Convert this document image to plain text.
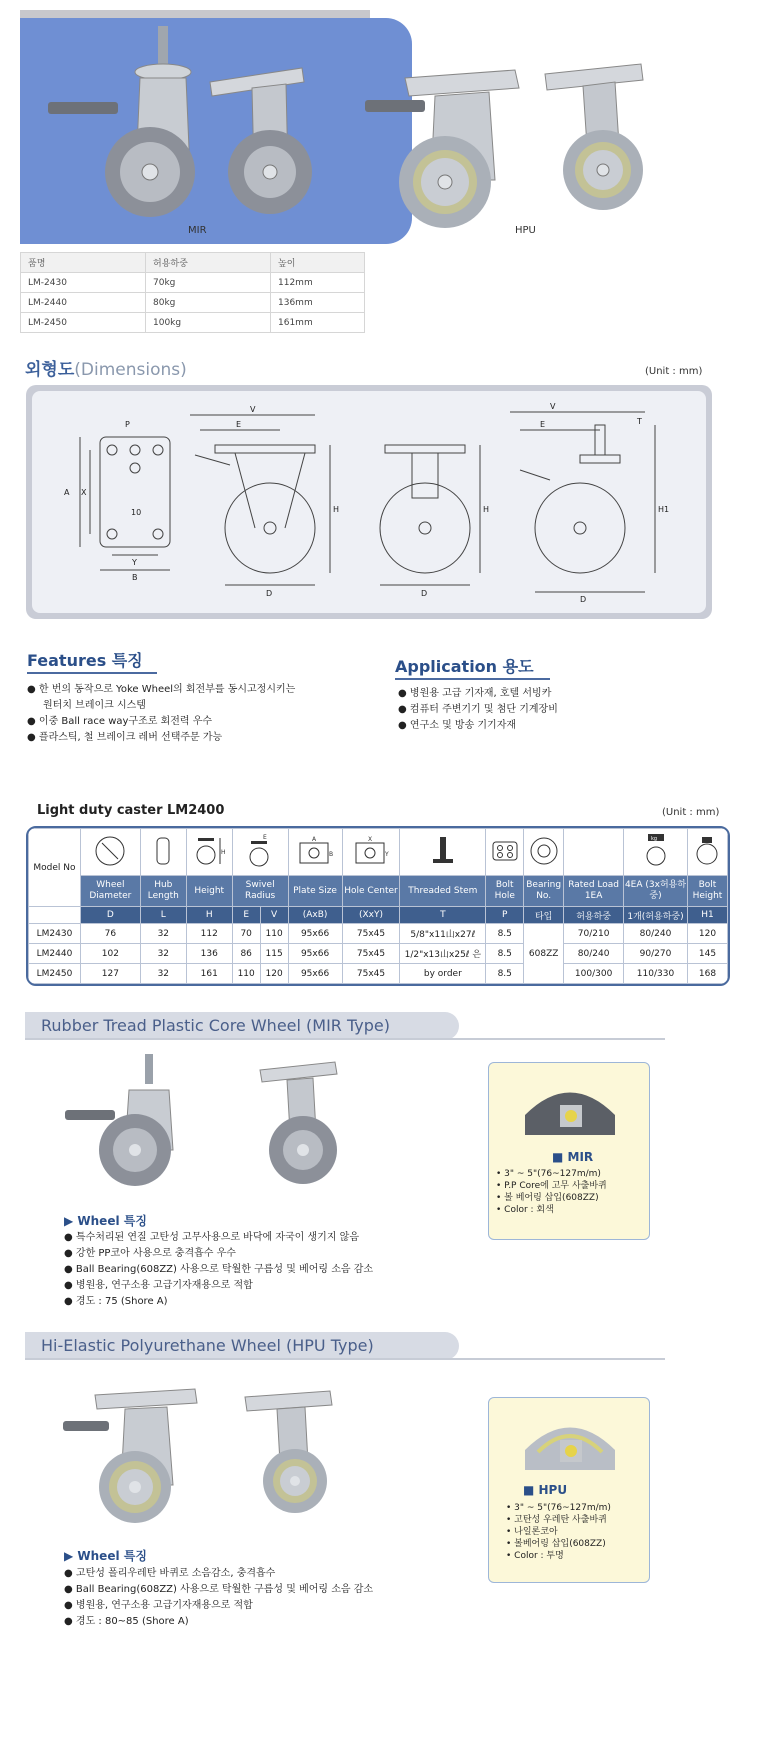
MIR	HPU
품명	허용하중	높이
LM-2430	70kg	112mm
LM-2440	80kg	136mm
LM-2450	100kg	161mm
외형도(Dimensions)	(Unit : mm)
P
A X
10
Y
B
V
E
H
D
H
D
V
E	T
H1
D
Features 특징
● 한 번의 동작으로 Yoke Wheel의 회전부를 동시고정시키는
원터치 브레이크 시스템
● 이중 Ball race way구조로 회전력 우수
● 플라스틱, 철 브레이크 레버 선택주문 가능
Application 용도
● 병원용 고급 기자재, 호텔 서빙카
● 컴퓨터 주변기기 및 첨단 기계장비
● 연구소 및 방송 기기자재
Light duty caster LM2400	(Unit : mm)
Model No			H	E		A
B	X
Y					kg

	Wheel Diameter	Hub Length	Height	Swivel Radius		Plate Size	Hole Center	Threaded Stem	Bolt Hole	Bearing No.	Rated Load 1EA	4EA (3x허용하중)	Bolt Height
	D	L	H	E	V	(AxB)	(XxY)	T	P	타입	허용하중	1개(허용하중)	H1
LM2430	76	32	112	70	110	95x66	75x45	5/8"x11山x27ℓ	8.5	608ZZ	70/210	80/240	120
LM2440	102	32	136	86	115	95x66	75x45	1/2"x13山x25ℓ 은	8.5		80/240	90/270	145
LM2450	127	32	161	110	120	95x66	75x45	by order	8.5		100/300	110/330	168
Rubber Tread Plastic Core Wheel (MIR Type)
▶ Wheel 특징
● 특수처리된 연질 고탄성 고무사용으로 바닥에 자국이 생기지 않음
● 강한 PP코아 사용으로 충격흡수 우수
● Ball Bearing(608ZZ) 사용으로 탁월한 구름성 및 베어링 소음 감소
● 병원용, 연구소용 고급기자재용으로 적합
● 경도 : 75 (Shore A)
■ MIR
• 3" ~ 5"(76~127m/m)
• P.P Core에 고무 사출바퀴
• 볼 베어링 삽입(608ZZ)
• Color : 회색
Hi-Elastic Polyurethane Wheel (HPU Type)
▶ Wheel 특징
● 고탄성 폴리우레탄 바퀴로 소음감소, 충격흡수
● Ball Bearing(608ZZ) 사용으로 탁월한 구름성 및 베어링 소음 감소
● 병원용, 연구소용 고급기자재용으로 적합
● 경도 : 80~85 (Shore A)
■ HPU
• 3" ~ 5"(76~127m/m)
• 고탄성 우레탄 사출바퀴
• 나일론코아
• 볼베어링 삽입(608ZZ)
• Color : 투명
